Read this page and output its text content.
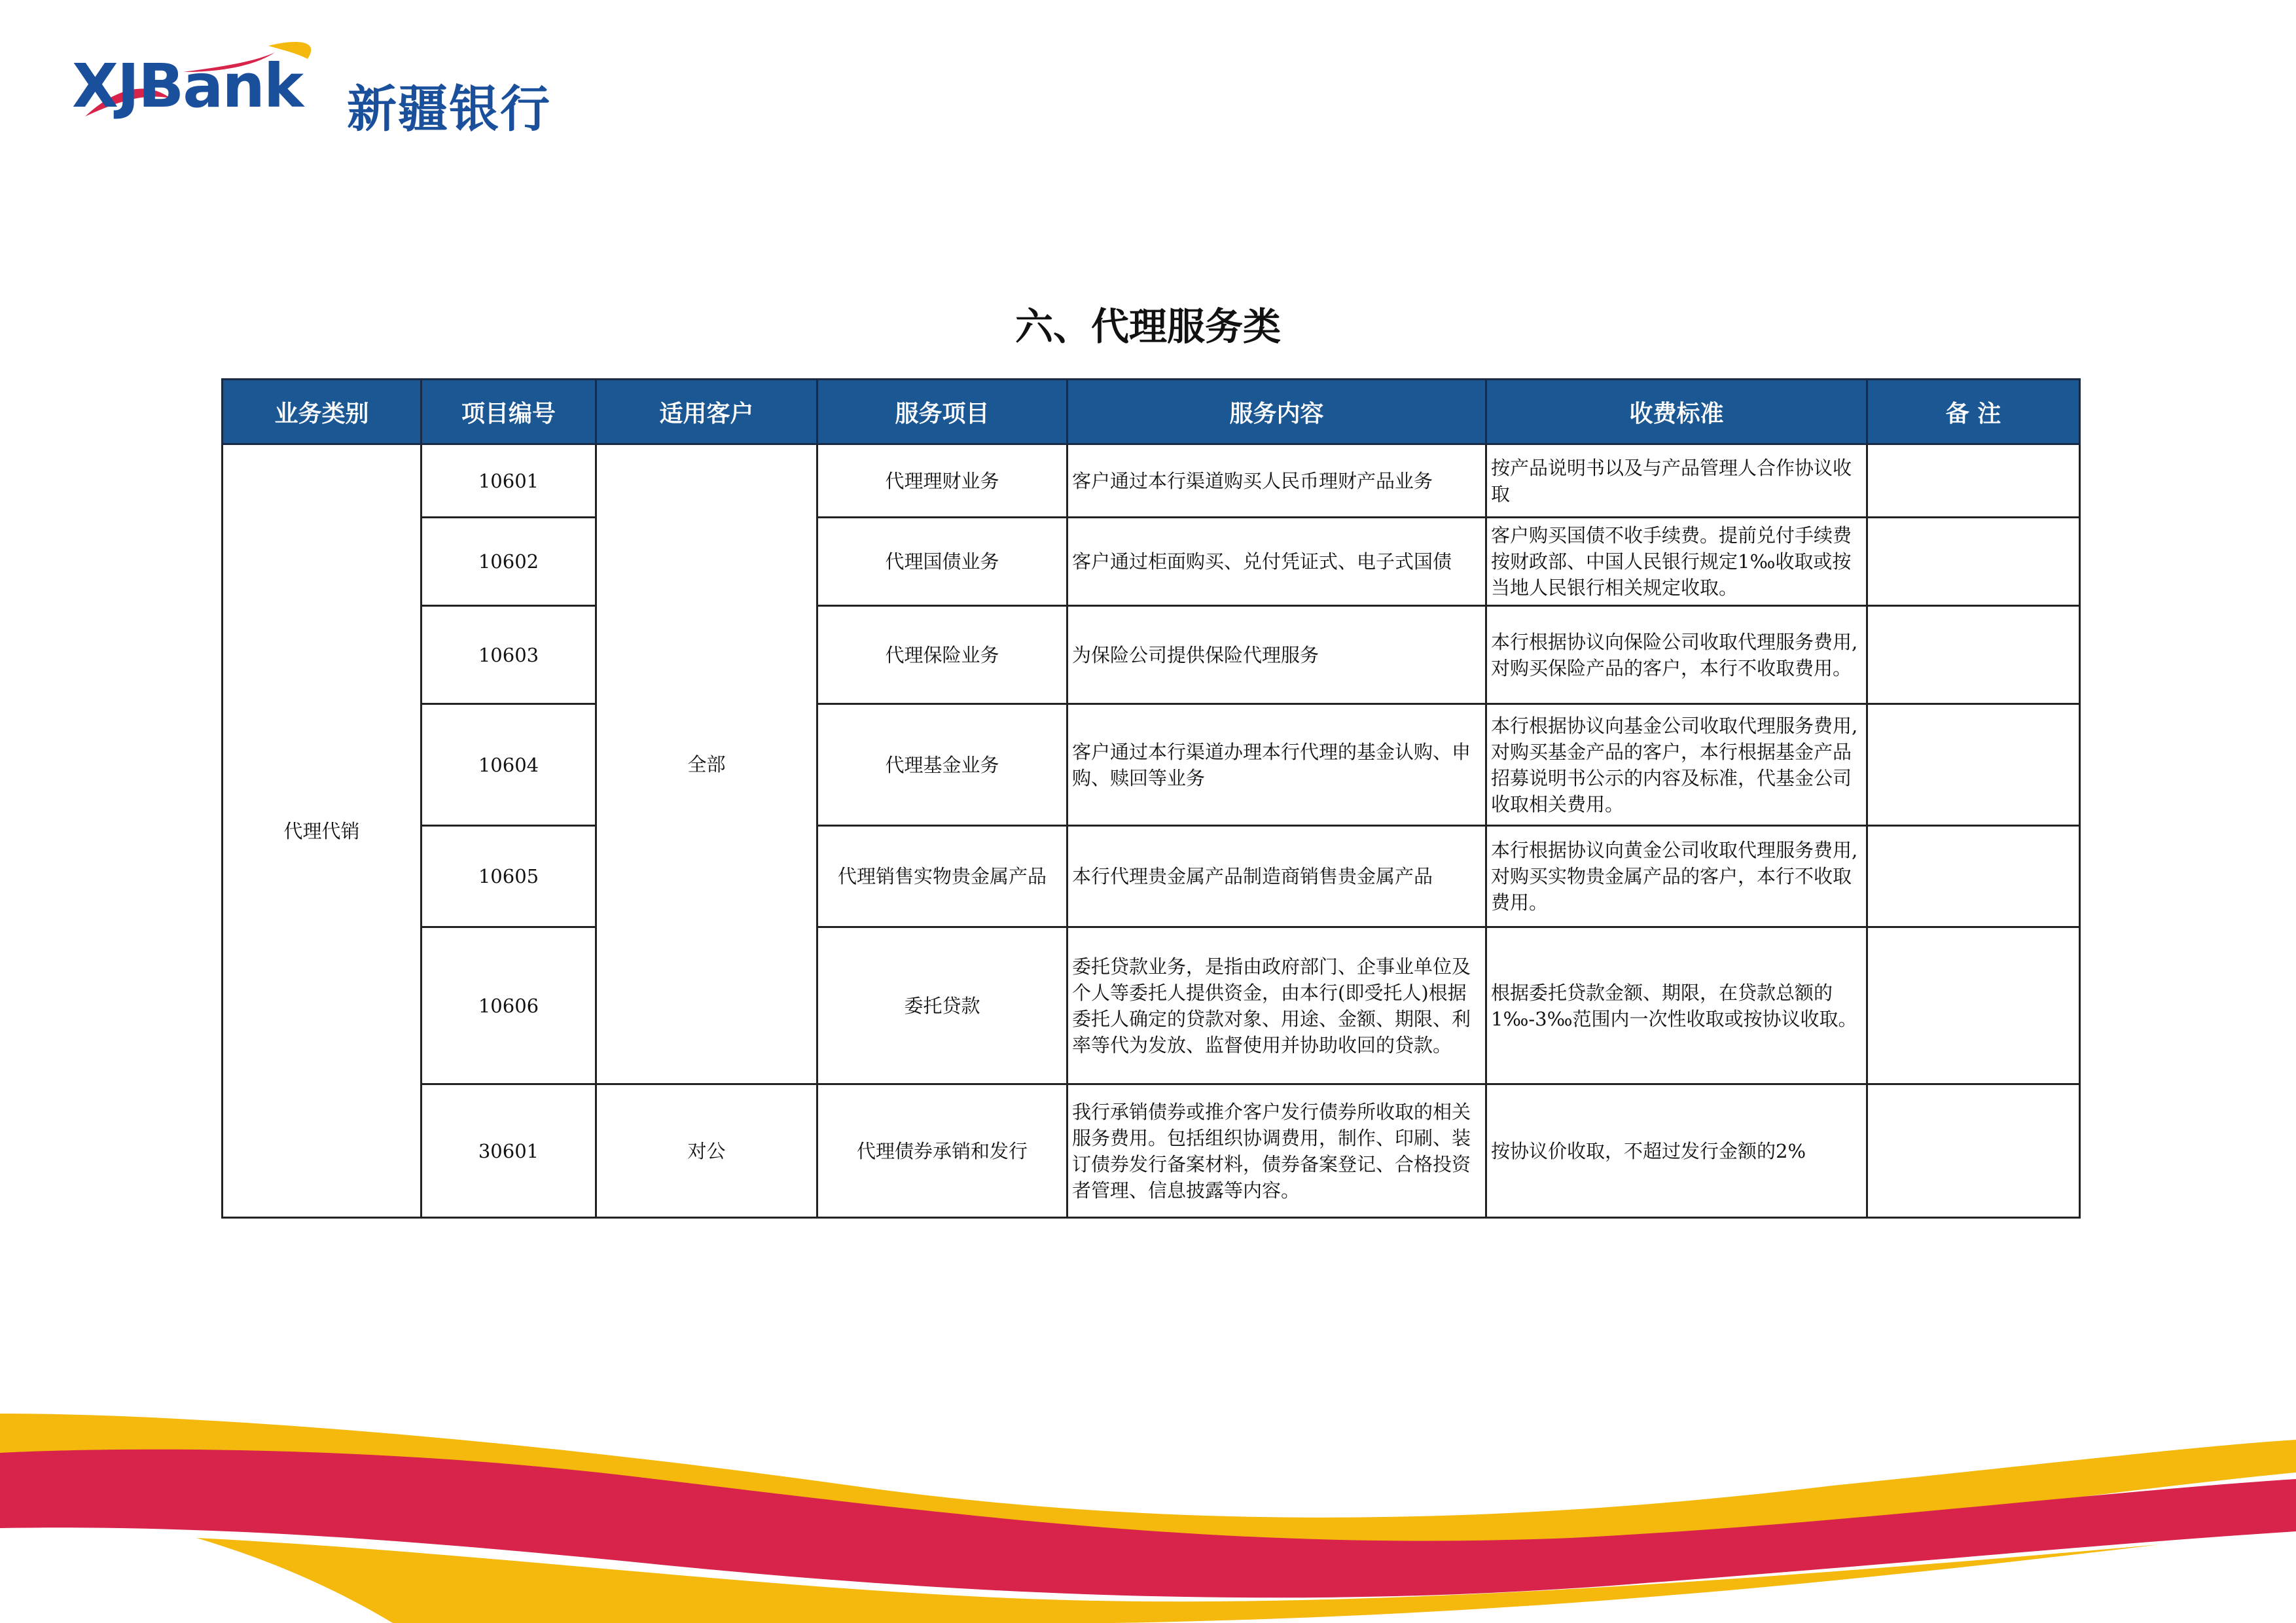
XJBank 新疆银行
六、代理服务类
业务类别	项目编号	适用客户	服务项目	服务内容	收费标准	备 注
代理代销	10601	全部	代理理财业务	客户通过本行渠道购买人民币理财产品业务	按产品说明书以及与产品管理人合作协议收取	
	10602		代理国债业务	客户通过柜面购买、兑付凭证式、电子式国债	客户购买国债不收手续费。提前兑付手续费按财政部、中国人民银行规定1‰收取或按当地人民银行相关规定收取。	
	10603		代理保险业务	为保险公司提供保险代理服务	本行根据协议向保险公司收取代理服务费用,对购买保险产品的客户，本行不收取费用。	
	10604		代理基金业务	客户通过本行渠道办理本行代理的基金认购、申购、赎回等业务	本行根据协议向基金公司收取代理服务费用,对购买基金产品的客户，本行根据基金产品招募说明书公示的内容及标准，代基金公司收取相关费用。	
	10605		代理销售实物贵金属产品	本行代理贵金属产品制造商销售贵金属产品	本行根据协议向黄金公司收取代理服务费用,对购买实物贵金属产品的客户，本行不收取费用。	
	10606		委托贷款	委托贷款业务，是指由政府部门、企事业单位及个人等委托人提供资金，由本行(即受托人)根据委托人确定的贷款对象、用途、金额、期限、利率等代为发放、监督使用并协助收回的贷款。	根据委托贷款金额、期限，在贷款总额的1‰-3‰范围内一次性收取或按协议收取。	
	30601	对公	代理债券承销和发行	我行承销债券或推介客户发行债券所收取的相关服务费用。包括组织协调费用，制作、印刷、装订债券发行备案材料，债券备案登记、合格投资者管理、信息披露等内容。	按协议价收取，不超过发行金额的2%	
